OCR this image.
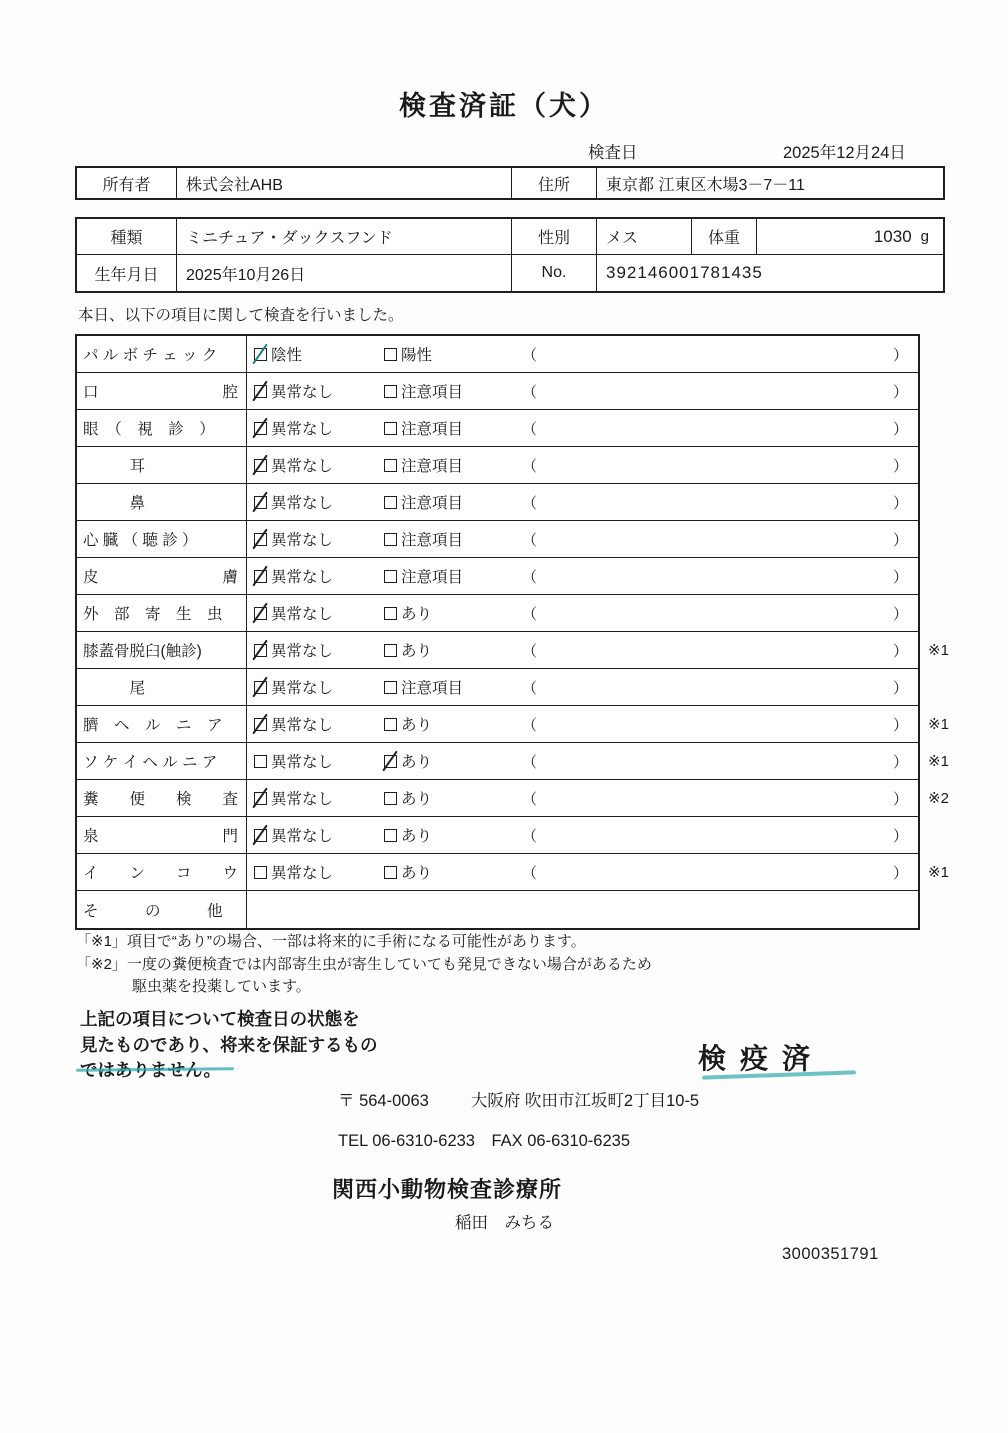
検査済証（犬）
検査日	2025年12月24日
所有者	株式会社AHB	住所	東京都 江東区木場3－7－11
種類	ミニチュア・ダックスフンド	性別	メス	体重	1030 g
生年月日	2025年10月26日	No.	392146001781435
本日、以下の項目に関して検査を行いました。
パ ル ボ チ ェ ッ ク	陰性	陽性	（	）
口　　　　　　　　腔	異常なし	注意項目	（	）
眼　（　視　診　）	異常なし	注意項目	（	）
　　　耳	異常なし	注意項目	（	）
　　　鼻	異常なし	注意項目	（	）
心 臓 （ 聴 診 ）	異常なし	注意項目	（	）
皮　　　　　　　　膚	異常なし	注意項目	（	）
外　部　寄　生　虫	異常なし	あり	（	）
膝蓋骨脱臼(触診)	異常なし	あり	（	） ※1
　　　尾	異常なし	注意項目	（	）
臍　ヘ　ル　ニ　ア	異常なし	あり	（	） ※1
ソ ケ イ ヘ ル ニ ア	異常なし	あり	（	） ※1
糞　　便　　検　　査	異常なし	あり	（	） ※2
泉　　　　　　　　門	異常なし	あり	（	）
イ　　ン　　コ　　ウ	異常なし	あり	（	） ※1
そ　　　の　　　他
「※1」項目で“あり”の場合、一部は将来的に手術になる可能性があります。
「※2」一度の糞便検査では内部寄生虫が寄生していても発見できない場合があるため
駆虫薬を投薬しています。
上記の項目について検査日の状態を
見たものであり、将来を保証するもの	検疫済
〒 564-0063	大阪府 吹田市江坂町2丁目10-5
TEL 06-6310-6233　FAX 06-6310-6235
関西小動物検査診療所
稲田　みちる
3000351791
